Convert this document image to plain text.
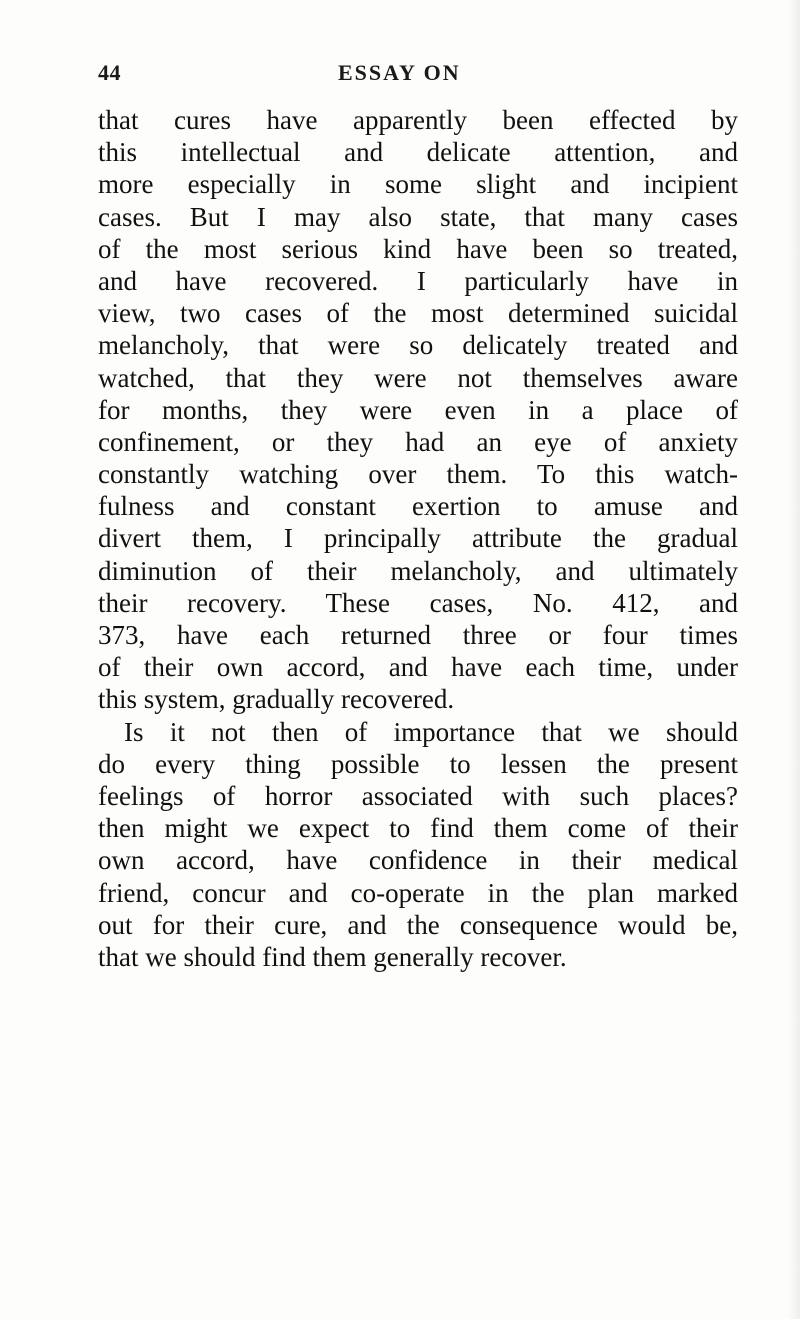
44	ESSAY ON
that cures have apparently been effected by
this intellectual and delicate attention, and
more especially in some slight and incipient
cases. But I may also state, that many cases
of the most serious kind have been so treated,
and have recovered. I particularly have in
view, two cases of the most determined suicidal
melancholy, that were so delicately treated and
watched, that they were not themselves aware
for months, they were even in a place of
confinement, or they had an eye of anxiety
constantly watching over them. To this watch-
fulness and constant exertion to amuse and
divert them, I principally attribute the gradual
diminution of their melancholy, and ultimately
their recovery. These cases, No. 412, and
373, have each returned three or four times
of their own accord, and have each time, under
this system, gradually recovered.
Is it not then of importance that we should
do every thing possible to lessen the present
feelings of horror associated with such places?
then might we expect to find them come of their
own accord, have confidence in their medical
friend, concur and co-operate in the plan marked
out for their cure, and the consequence would be,
that we should find them generally recover.
